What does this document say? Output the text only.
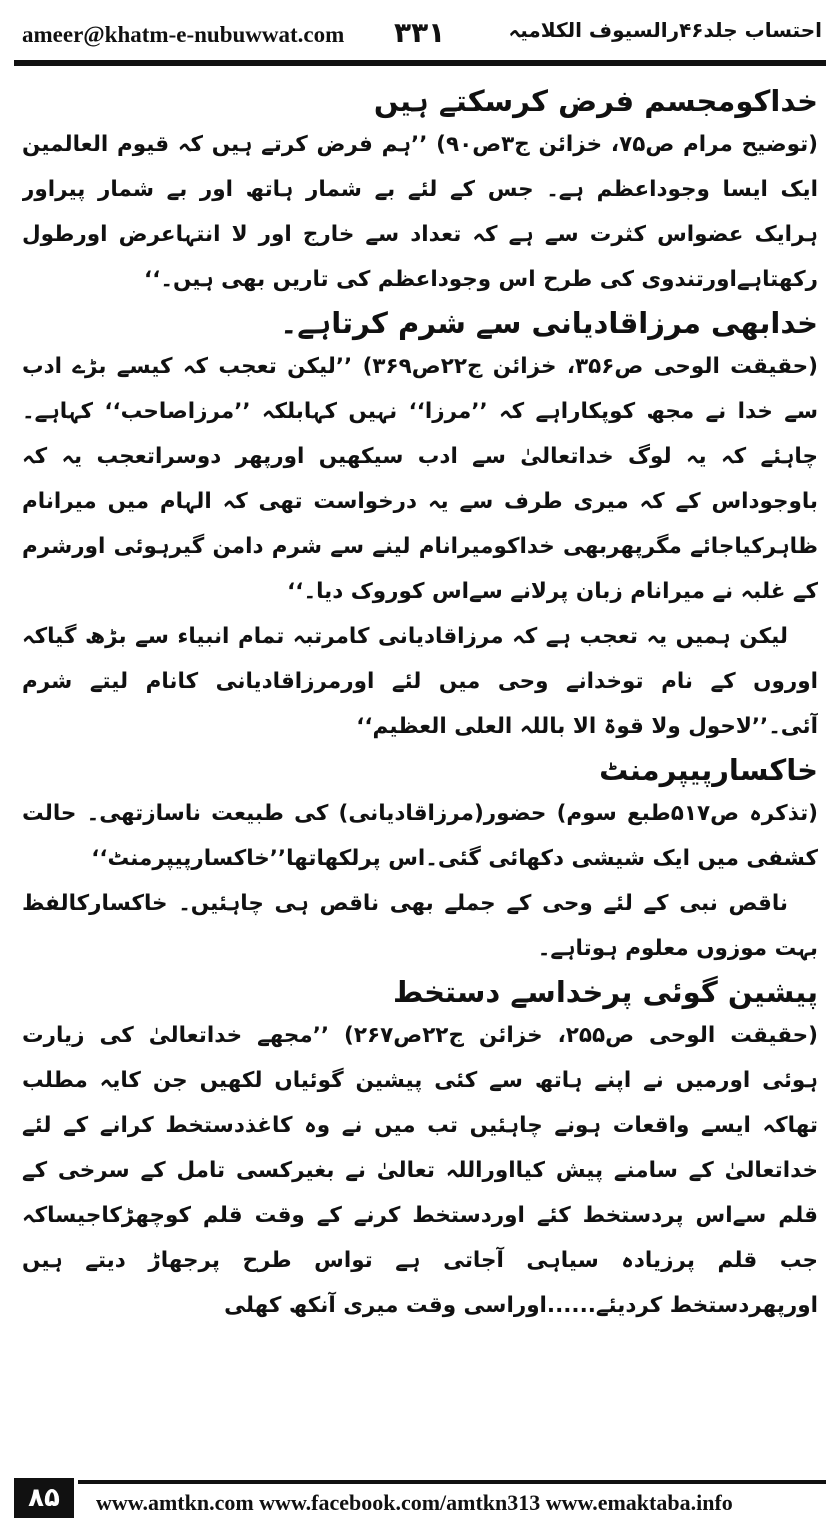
ameer@khatm-e-nubuwwat.com ۳۳۱	احتساب جلد۴۶رالسیوف الکلامیہ
خداکومجسم فرض کرسکتے ہیں

(توضیح مرام ص۷۵، خزائن ج۳ص۹۰) ’’ہم فرض کرتے ہیں کہ قیوم العالمین ایک ایسا وجوداعظم ہے۔ جس کے لئے بے شمار ہاتھ اور بے شمار پیراور ہرایک عضواس کثرت سے ہے کہ تعداد سے خارج اور لا انتہاعرض اورطول رکھتاہےاورتندوی کی طرح اس وجوداعظم کی تاریں بھی ہیں۔‘‘

خدابھی مرزاقادیانی سے شرم کرتاہے۔

(حقیقت الوحی ص۳۵۶، خزائن ج۲۲ص۳۶۹) ’’لیکن تعجب کہ کیسے بڑے ادب سے خدا نے مجھ کوپکاراہے کہ ’’مرزا‘‘ نہیں کہابلکہ ’’مرزاصاحب‘‘ کہاہے۔ چاہئے کہ یہ لوگ خداتعالیٰ سے ادب سیکھیں اورپھر دوسراتعجب یہ کہ باوجوداس کے کہ میری طرف سے یہ درخواست تھی کہ الہام میں میرانام ظاہرکیاجائے مگرپھربھی خداکومیرانام لینے سے شرم دامن گیرہوئی اورشرم کے غلبہ نے میرانام زبان پرلانے سےاس کوروک دیا۔‘‘

لیکن ہمیں یہ تعجب ہے کہ مرزاقادیانی کامرتبہ تمام انبیاء سے بڑھ گیاکہ اوروں کے نام توخدانے وحی میں لئے اورمرزاقادیانی کانام لیتے شرم آئی۔’’لاحول ولا قوۃ الا باللہ العلی العظیم‘‘

خاکسارپیپرمنٹ

(تذکرہ ص۵۱۷طبع سوم) حضور(مرزاقادیانی) کی طبیعت ناسازتھی۔ حالت کشفی میں ایک شیشی دکھائی گئی۔اس پرلکھاتھا’’خاکسارپیپرمنٹ‘‘

ناقص نبی کے لئے وحی کے جملے بھی ناقص ہی چاہئیں۔ خاکسارکالفظ بہت موزوں معلوم ہوتاہے۔

پیشین گوئی پرخداسے دستخط

(حقیقت الوحی ص۲۵۵، خزائن ج۲۲ص۲۶۷) ’’مجھے خداتعالیٰ کی زیارت ہوئی اورمیں نے اپنے ہاتھ سے کئی پیشین گوئیاں لکھیں جن کایہ مطلب تھاکہ ایسے واقعات ہونے چاہئیں تب میں نے وہ کاغذدستخط کرانے کے لئے خداتعالیٰ کے سامنے پیش کیااوراللہ تعالیٰ نے بغیرکسی تامل کے سرخی کے قلم سےاس پردستخط کئے اوردستخط کرنے کے وقت قلم کوچھڑکاجیساکہ جب قلم پرزیادہ سیاہی آجاتی ہے تواس طرح پرجھاڑ دیتے ہیں اورپھردستخط کردیئے......اوراسی وقت میری آنکھ کھلی

۸۵	www.amtkn.com www.facebook.com/amtkn313 www.emaktaba.info
